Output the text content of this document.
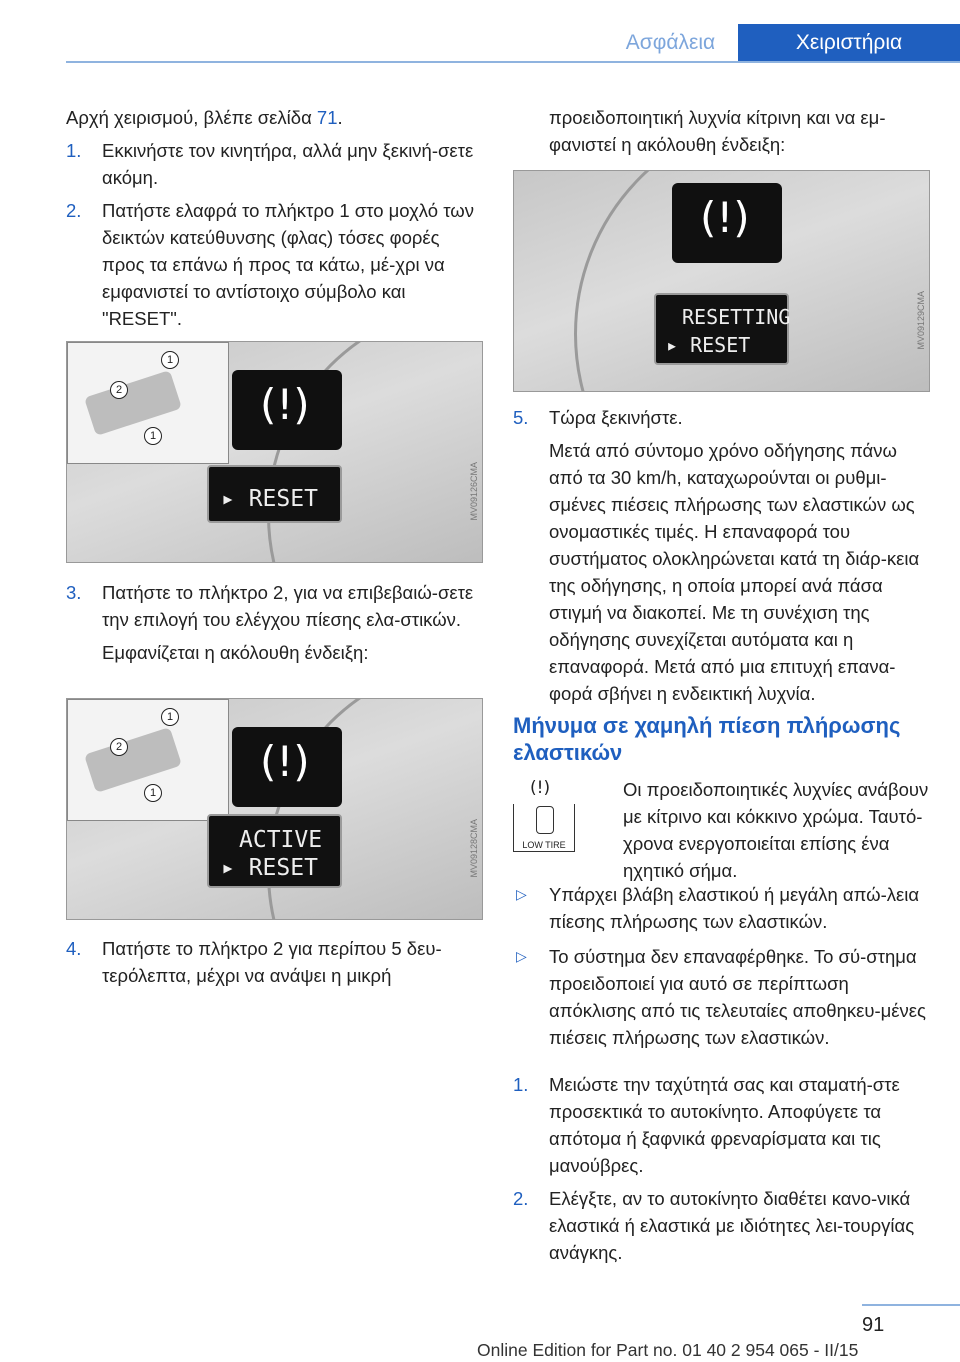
Ασφάλεια	Χειριστήρια

Αρχή χειρισμού, βλέπε σελίδα 71.

1. Εκκινήστε τον κινητήρα, αλλά μην ξεκινή-σετε ακόμη.

2. Πατήστε ελαφρά το πλήκτρο 1 στο μοχλό των δεικτών κατεύθυνσης (φλας) τόσες φορές προς τα επάνω ή προς τα κάτω, μέ-χρι να εμφανιστεί το αντίστοιχο σύμβολο και "RESET".

1
2
1
(!)
▸ RESET	MV09126CMA
3. Πατήστε το πλήκτρο 2, για να επιβεβαιώ-σετε την επιλογή του ελέγχου πίεσης ελα-στικών.

Εμφανίζεται η ακόλουθη ένδειξη:

1
2
1
(!)
ACTIVE
▸ RESET	MV09128CMA
4. Πατήστε το πλήκτρο 2 για περίπου 5 δευ-τερόλεπτα, μέχρι να ανάψει η μικρή

προειδοποιητική λυχνία κίτρινη και να εμ-φανιστεί η ακόλουθη ένδειξη:

(!)
RESETTING
▸ RESET	MV09129CMA
5. Τώρα ξεκινήστε.

Μετά από σύντομο χρόνο οδήγησης πάνω από τα 30 km/h, καταχωρούνται οι ρυθμι-σμένες πιέσεις πλήρωσης των ελαστικών ως ονομαστικές τιμές. Η επαναφορά του συστήματος ολοκληρώνεται κατά τη διάρ-κεια της οδήγησης, η οποία μπορεί ανά πάσα στιγμή να διακοπεί. Με τη συνέχιση της οδήγησης συνεχίζεται αυτόματα και η επαναφορά. Μετά από μια επιτυχή επανα-φορά σβήνει η ενδεικτική λυχνία.

Μήνυμα σε χαμηλή πίεση πλήρωσης ελαστικών
(!)
LOW TIRE

Οι προειδοποιητικές λυχνίες ανάβουν με κίτρινο και κόκκινο χρώμα. Ταυτό-χρονα ενεργοποιείται επίσης ένα ηχητικό σήμα.

▷ Υπάρχει βλάβη ελαστικού ή μεγάλη απώ-λεια πίεσης πλήρωσης των ελαστικών.

▷ Το σύστημα δεν επαναφέρθηκε. Το σύ-στημα προειδοποιεί για αυτό σε περίπτωση απόκλισης από τις τελευταίες αποθηκευ-μένες πιέσεις πλήρωσης των ελαστικών.

1. Μειώστε την ταχύτητά σας και σταματή-στε προσεκτικά το αυτοκίνητο. Αποφύγετε τα απότομα ή ξαφνικά φρεναρίσματα και τις μανούβρες.

2. Ελέγξτε, αν το αυτοκίνητο διαθέτει κανο-νικά ελαστικά ή ελαστικά με ιδιότητες λει-τουργίας ανάγκης.

91
Online Edition for Part no. 01 40 2 954 065 - II/15
